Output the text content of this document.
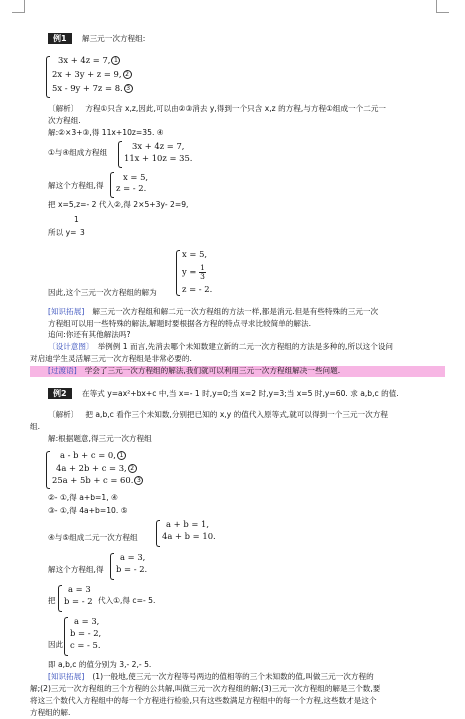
例1 解三元一次方程组:
3x + 4z = 7, 1
2x + 3y + z = 9, 2
5x - 9y + 7z = 8. 3
〔解析〕 方程①只含 x,z,因此,可以由②③消去 y,得到一个只含 x,z 的方程,与方程①组成一个二元一
次方程组.
解:②×3+③,得 11x+10z=35. ④
①与④组成方程组
3x + 4z = 7,
11x + 10z = 35.
解这个方程组,得
x = 5,
z = - 2.
把 x=5,z=- 2 代入②,得 2×5+3y- 2=9,
所以 y=
1
3
x = 5,
$y = \frac{1}{3}$
z = - 2.
因此,这个三元一次方程组的解为
[知识拓展] 解三元一次方程组和解二元一次方程组的方法一样,都是消元.但是有些特殊的三元一次
方程组可以用一些特殊的解法,解题时要根据各方程的特点寻求比较简单的解法.
追问:你还有其他解法吗?
〔设计意图〕 举例例 1 而言,先消去哪个未知数建立新的二元一次方程组的方法是多种的,所以这个设问
对启迪学生灵活解三元一次方程组是非常必要的.
[过渡语] 学会了三元一次方程组的解法,我们就可以利用三元一次方程组解决一些问题.
例2 在等式 y=ax²+bx+c 中,当 x=- 1 时,y=0;当 x=2 时,y=3;当 x=5 时,y=60. 求 a,b,c 的值.
〔解析〕 把 a,b,c 看作三个未知数,分别把已知的 x,y 的值代入原等式,就可以得到一个三元一次方程
组.
解:根据题意,得三元一次方程组
a - b + c = 0, 1
4a + 2b + c = 3, 2
25a + 5b + c = 60. 3
②- ①,得 a+b=1, ④
③- ①,得 4a+b=10. ⑤
④与⑤组成二元一次方程组
a + b = 1,
4a + b = 10.
解这个方程组,得
a = 3,
b = - 2.
把
a = 3
b = - 2 代入①,得 c=- 5.
因此
a = 3,
b = - 2,
c = - 5.
即 a,b,c 的值分别为 3,- 2,- 5.
[知识拓展] (1)一般地,使三元一次方程等号两边的值相等的三个未知数的值,叫做三元一次方程的
解;(2)三元一次方程组的三个方程的公共解,叫做三元一次方程组的解;(3)三元一次方程组的解是三个数,要
将这三个数代入方程组中的每一个方程进行检验,只有这些数满足方程组中的每一个方程,这些数才是这个
方程组的解.
